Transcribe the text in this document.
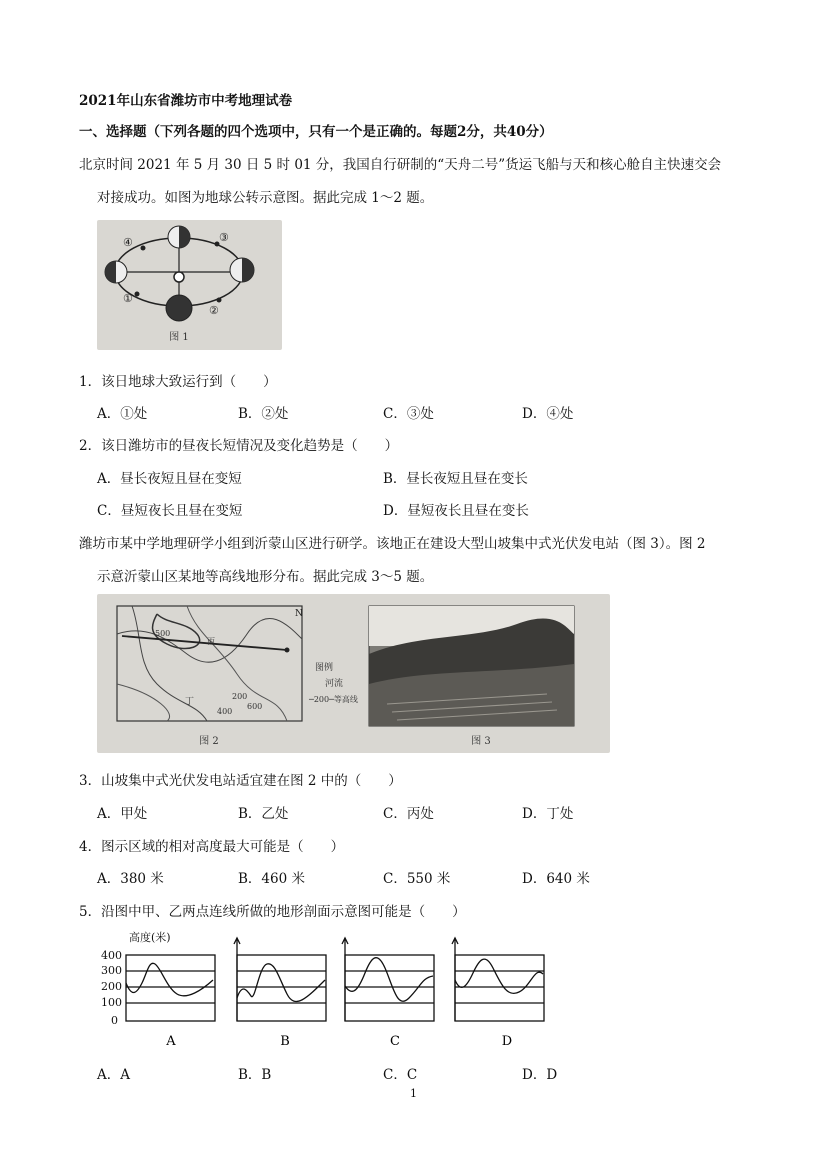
2021年山东省潍坊市中考地理试卷
一、选择题（下列各题的四个选项中，只有一个是正确的。每题2分，共40分）
北京时间 2021 年 5 月 30 日 5 时 01 分，我国自行研制的“天舟二号”货运飞船与天和核心舱自主快速交会
对接成功。如图为地球公转示意图。据此完成 1～2 题。
④	③
①
②
图 1
1．该日地球大致运行到（　　）
A．①处	B．②处	C．③处	D．④处
2．该日潍坊市的昼夜长短情况及变化趋势是（　　）
A．昼长夜短且昼在变短	B．昼长夜短且昼在变长
C．昼短夜长且昼在变短	D．昼短夜长且昼在变长
潍坊市某中学地理研学小组到沂蒙山区进行研学。该地正在建设大型山坡集中式光伏发电站（图 3）。图 2
示意沂蒙山区某地等高线地形分布。据此完成 3～5 题。
N
500
200
400
600
丙
丁
图例
河流
─200─等高线
图 2	图 3
3．山坡集中式光伏发电站适宜建在图 2 中的（　　）
A．甲处	B．乙处	C．丙处	D．丁处
4．图示区域的相对高度最大可能是（　　）
A．380 米	B．460 米	C．550 米	D．640 米
5．沿图中甲、乙两点连线所做的地形剖面示意图可能是（　　）
高度(米)
400
300
200
100
0
A	B	C	D
A．A	B．B	C．C	D．D
1
